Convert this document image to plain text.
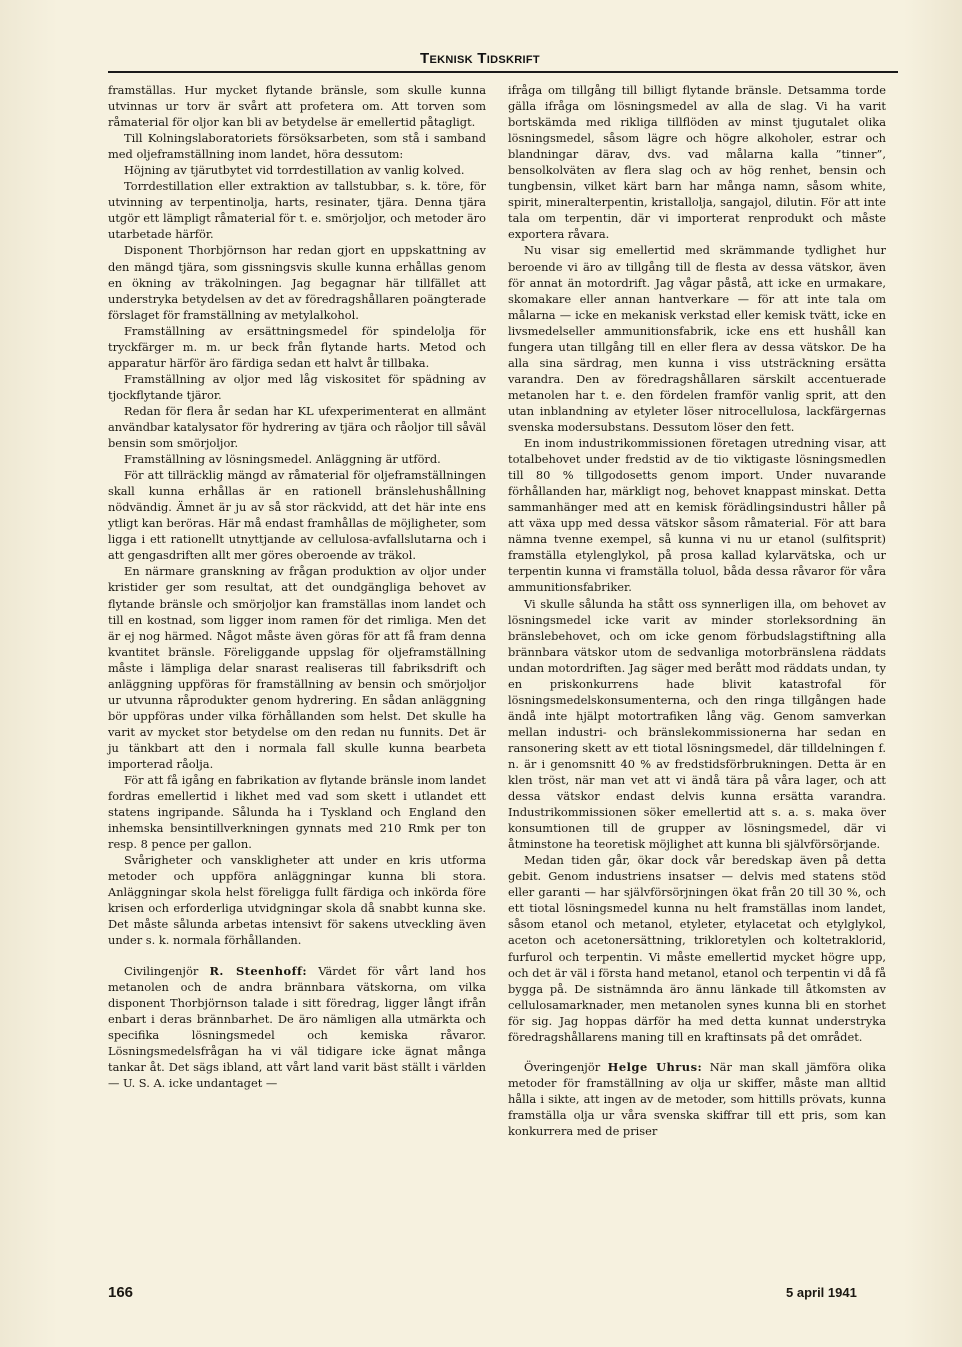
Teknisk Tidskrift

framställas. Hur mycket flytande bränsle, som skulle kunna utvinnas ur torv är svårt att profetera om. Att torven som råmaterial för oljor kan bli av betydelse är emellertid påtagligt.

Till Kolningslaboratoriets försöksarbeten, som stå i samband med oljeframställning inom landet, höra dessutom:

Höjning av tjärutbytet vid torrdestillation av vanlig kolved.

Torrdestillation eller extraktion av tallstubbar, s. k. töre, för utvinning av terpentinolja, harts, resinater, tjära. Denna tjära utgör ett lämpligt råmaterial för t. e. smörjoljor, och metoder äro utarbetade härför.

Disponent Thorbjörnson har redan gjort en uppskattning av den mängd tjära, som gissningsvis skulle kunna erhållas genom en ökning av träkolningen. Jag begagnar här tillfället att understryka betydelsen av det av föredragshållaren poängterade förslaget för framställning av metylalkohol.

Framställning av ersättningsmedel för spindelolja för tryckfärger m. m. ur beck från flytande harts. Metod och apparatur härför äro färdiga sedan ett halvt år tillbaka.

Framställning av oljor med låg viskositet för spädning av tjockflytande tjäror.

Redan för flera år sedan har KL ufexperimenterat en allmänt användbar katalysator för hydrering av tjära och råoljor till såväl bensin som smörjoljor.

Framställning av lösningsmedel. Anläggning är utförd.

För att tillräcklig mängd av råmaterial för oljeframställningen skall kunna erhållas är en rationell bränslehushållning nödvändig. Ämnet är ju av så stor räckvidd, att det här inte ens ytligt kan beröras. Här må endast framhållas de möjligheter, som ligga i ett rationellt utnyttjande av cellulosa-avfallslutarna och i att gengasdriften allt mer göres oberoende av träkol.

En närmare granskning av frågan produktion av oljor under kristider ger som resultat, att det oundgängliga behovet av flytande bränsle och smörjoljor kan framställas inom landet och till en kostnad, som ligger inom ramen för det rimliga. Men det är ej nog härmed. Något måste även göras för att få fram denna kvantitet bränsle. Föreliggande uppslag för oljeframställning måste i lämpliga delar snarast realiseras till fabriksdrift och anläggning uppföras för framställning av bensin och smörjoljor ur utvunna råprodukter genom hydrering. En sådan anläggning bör uppföras under vilka förhållanden som helst. Det skulle ha varit av mycket stor betydelse om den redan nu funnits. Det är ju tänkbart att den i normala fall skulle kunna bearbeta importerad råolja.

För att få igång en fabrikation av flytande bränsle inom landet fordras emellertid i likhet med vad som skett i utlandet ett statens ingripande. Sålunda ha i Tyskland och England den inhemska bensintillverkningen gynnats med 210 Rmk per ton resp. 8 pence per gallon.

Svårigheter och vanskligheter att under en kris utforma metoder och uppföra anläggningar kunna bli stora. Anläggningar skola helst föreligga fullt färdiga och inkörda före krisen och erforderliga utvidgningar skola då snabbt kunna ske. Det måste sålunda arbetas intensivt för sakens utveckling även under s. k. normala förhållanden.

Civilingenjör R. Steenhoff: Värdet för vårt land hos metanolen och de andra brännbara vätskorna, om vilka disponent Thorbjörnson talade i sitt föredrag, ligger långt ifrån enbart i deras brännbarhet. De äro nämligen alla utmärkta och specifika lösningsmedel och kemiska råvaror. Lösningsmedelsfrågan ha vi väl tidigare icke ägnat många tankar åt. Det sägs ibland, att vårt land varit bäst ställt i världen — U. S. A. icke undantaget —

ifråga om tillgång till billigt flytande bränsle. Detsamma torde gälla ifråga om lösningsmedel av alla de slag. Vi ha varit bortskämda med rikliga tillflöden av minst tjugutalet olika lösningsmedel, såsom lägre och högre alkoholer, estrar och blandningar därav, dvs. vad målarna kalla ”tinner”, bensolkolväten av flera slag och av hög renhet, bensin och tungbensin, vilket kärt barn har många namn, såsom white, spirit, mineralterpentin, kristallolja, sangajol, dilutin. För att inte tala om terpentin, där vi importerat renprodukt och måste exportera råvara.

Nu visar sig emellertid med skrämmande tydlighet hur beroende vi äro av tillgång till de flesta av dessa vätskor, även för annat än motordrift. Jag vågar påstå, att icke en urmakare, skomakare eller annan hantverkare — för att inte tala om målarna — icke en mekanisk verkstad eller kemisk tvätt, icke en livsmedelseller ammunitionsfabrik, icke ens ett hushåll kan fungera utan tillgång till en eller flera av dessa vätskor. De ha alla sina särdrag, men kunna i viss utsträckning ersätta varandra. Den av föredragshållaren särskilt accentuerade metanolen har t. e. den fördelen framför vanlig sprit, att den utan inblandning av etyleter löser nitrocellulosa, lackfärgernas svenska modersubstans. Dessutom löser den fett.

En inom industrikommissionen företagen utredning visar, att totalbehovet under fredstid av de tio viktigaste lösningsmedlen till 80 % tillgodosetts genom import. Under nuvarande förhållanden har, märkligt nog, behovet knappast minskat. Detta sammanhänger med att en kemisk förädlingsindustri håller på att växa upp med dessa vätskor såsom råmaterial. För att bara nämna tvenne exempel, så kunna vi nu ur etanol (sulfitsprit) framställa etylenglykol, på prosa kallad kylarvätska, och ur terpentin kunna vi framställa toluol, båda dessa råvaror för våra ammunitionsfabriker.

Vi skulle sålunda ha stått oss synnerligen illa, om behovet av lösningsmedel icke varit av minder storleksordning än bränslebehovet, och om icke genom förbudslagstiftning alla brännbara vätskor utom de sedvanliga motorbränslena räddats undan motordriften. Jag säger med berått mod räddats undan, ty en priskonkurrens hade blivit katastrofal för lösningsmedelskonsumenterna, och den ringa tillgången hade ändå inte hjälpt motortrafiken lång väg. Genom samverkan mellan industri- och bränslekommissionerna har sedan en ransonering skett av ett tiotal lösningsmedel, där tilldelningen f. n. är i genomsnitt 40 % av fredstidsförbrukningen. Detta är en klen tröst, när man vet att vi ändå tära på våra lager, och att dessa vätskor endast delvis kunna ersätta varandra. Industrikommissionen söker emellertid att s. a. s. maka över konsumtionen till de grupper av lösningsmedel, där vi åtminstone ha teoretisk möjlighet att kunna bli självförsörjande.

Medan tiden går, ökar dock vår beredskap även på detta gebit. Genom industriens insatser — delvis med statens stöd eller garanti — har självförsörjningen ökat från 20 till 30 %, och ett tiotal lösningsmedel kunna nu helt framställas inom landet, såsom etanol och metanol, etyleter, etylacetat och etylglykol, aceton och acetonersättning, trikloretylen och koltetraklorid, furfurol och terpentin. Vi måste emellertid mycket högre upp, och det är väl i första hand metanol, etanol och terpentin vi då få bygga på. De sistnämnda äro ännu länkade till åtkomsten av cellulosamarknader, men metanolen synes kunna bli en storhet för sig. Jag hoppas därför ha med detta kunnat understryka föredragshållarens maning till en kraftinsats på det området.

Överingenjör Helge Uhrus: När man skall jämföra olika metoder för framställning av olja ur skiffer, måste man alltid hålla i sikte, att ingen av de metoder, som hittills prövats, kunna framställa olja ur våra svenska skiffrar till ett pris, som kan konkurrera med de priser

166	5 april 1941
